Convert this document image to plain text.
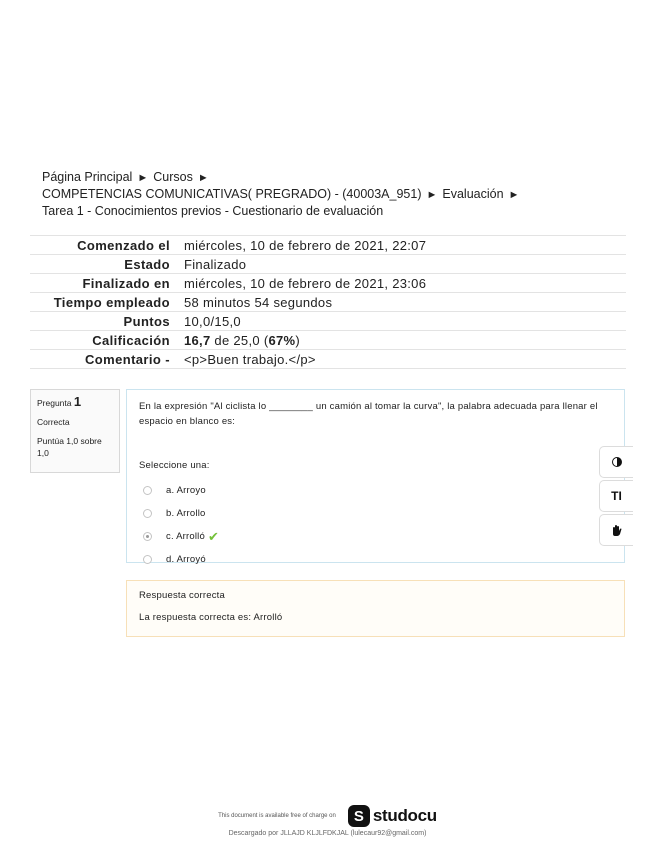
Página Principal ► Cursos ►
COMPETENCIAS COMUNICATIVAS( PREGRADO) - (40003A_951) ► Evaluación ►
Tarea 1 - Conocimientos previos - Cuestionario de evaluación
Comenzado el	miércoles, 10 de febrero de 2021, 22:07
Estado	Finalizado
Finalizado en	miércoles, 10 de febrero de 2021, 23:06
Tiempo empleado	58 minutos 54 segundos
Puntos	10,0/15,0
Calificación	16,7 de 25,0 (67%)
Comentario -	<p>Buen trabajo.</p>
Pregunta 1
Correcta
Puntúa 1,0 sobre 1,0
En la expresión "Al ciclista lo ________ un camión al tomar la curva", la palabra adecuada para llenar el espacio en blanco es:
Seleccione una:
a. Arroyo
b. Arrollo
c. Arrolló ✔
d. Arroyó
TI
Respuesta correcta
La respuesta correcta es: Arrolló
This document is available free of charge on S studocu
Descargado por JLLAJD KLJLFDKJAL (lulecaur92@gmail.com)
